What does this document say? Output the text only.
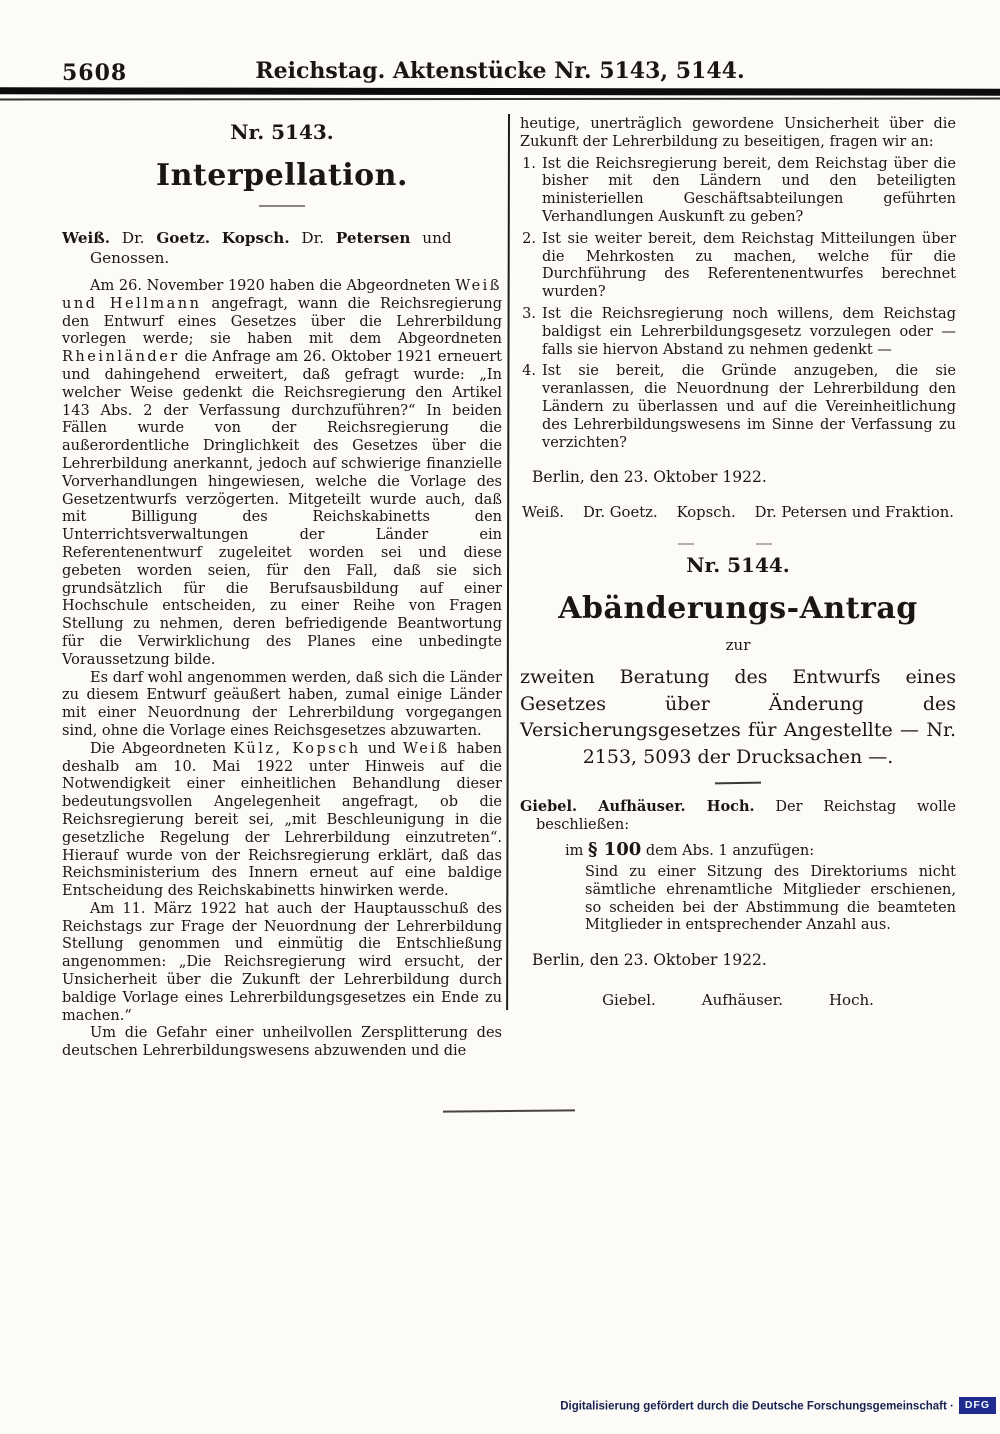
5608	Reichstag. Aktenstücke Nr. 5143, 5144.
Nr. 5143.
Interpellation.

Weiß. Dr. Goetz. Kopsch. Dr. Petersen und Genossen.

Am 26. November 1920 haben die Abgeordneten Weiß und Hellmann angefragt, wann die Reichsregierung den Entwurf eines Gesetzes über die Lehrerbildung vorlegen werde; sie haben mit dem Abgeordneten Rheinländer die Anfrage am 26. Oktober 1921 erneuert und dahingehend erweitert, daß gefragt wurde: „In welcher Weise gedenkt die Reichsregierung den Artikel 143 Abs. 2 der Verfassung durchzuführen?“ In beiden Fällen wurde von der Reichsregierung die außerordentliche Dringlichkeit des Gesetzes über die Lehrerbildung anerkannt, jedoch auf schwierige finanzielle Vorverhandlungen hingewiesen, welche die Vorlage des Gesetzentwurfs verzögerten. Mitgeteilt wurde auch, daß mit Billigung des Reichskabinetts den Unterrichtsverwaltungen der Länder ein Referentenentwurf zugeleitet worden sei und diese gebeten worden seien, für den Fall, daß sie sich grundsätzlich für die Berufsausbildung auf einer Hochschule entscheiden, zu einer Reihe von Fragen Stellung zu nehmen, deren befriedigende Beantwortung für die Verwirklichung des Planes eine unbedingte Voraussetzung bilde.

Es darf wohl angenommen werden, daß sich die Länder zu diesem Entwurf geäußert haben, zumal einige Länder mit einer Neuordnung der Lehrerbildung vorgegangen sind, ohne die Vorlage eines Reichsgesetzes abzuwarten.

Die Abgeordneten Külz, Kopsch und Weiß haben deshalb am 10. Mai 1922 unter Hinweis auf die Notwendigkeit einer einheitlichen Behandlung dieser bedeutungsvollen Angelegenheit angefragt, ob die Reichsregierung bereit sei, „mit Beschleunigung in die gesetzliche Regelung der Lehrerbildung einzutreten“. Hierauf wurde von der Reichsregierung erklärt, daß das Reichsministerium des Innern erneut auf eine baldige Entscheidung des Reichskabinetts hinwirken werde.

Am 11. März 1922 hat auch der Hauptausschuß des Reichstags zur Frage der Neuordnung der Lehrerbildung Stellung genommen und einmütig die Entschließung angenommen: „Die Reichsregierung wird ersucht, der Unsicherheit über die Zukunft der Lehrerbildung durch baldige Vorlage eines Lehrerbildungsgesetzes ein Ende zu machen.“

Um die Gefahr einer unheilvollen Zersplitterung des deutschen Lehrerbildungswesens abzuwenden und die

heutige, unerträglich gewordene Unsicherheit über die Zukunft der Lehrerbildung zu beseitigen, fragen wir an:

1. Ist die Reichsregierung bereit, dem Reichstag über die bisher mit den Ländern und den beteiligten ministeriellen Geschäftsabteilungen geführten Verhandlungen Auskunft zu geben?
2. Ist sie weiter bereit, dem Reichstag Mitteilungen über die Mehrkosten zu machen, welche für die Durchführung des Referentenentwurfes berechnet wurden?
3. Ist die Reichsregierung noch willens, dem Reichstag baldigst ein Lehrerbildungsgesetz vorzulegen oder — falls sie hiervon Abstand zu nehmen gedenkt —
4. Ist sie bereit, die Gründe anzugeben, die sie veranlassen, die Neuordnung der Lehrerbildung den Ländern zu überlassen und auf die Vereinheitlichung des Lehrerbildungswesens im Sinne der Verfassung zu verzichten?
Berlin, den 23. Oktober 1922.
Weiß. Dr. Goetz. Kopsch. Dr. Petersen und Fraktion.
Nr. 5144.
Abänderungs-Antrag
zur
zweiten Beratung des Entwurfs eines Gesetzes über Änderung des Versicherungsgesetzes für Angestellte — Nr. 2153, 5093 der Drucksachen —.

Giebel. Aufhäuser. Hoch. Der Reichstag wolle beschließen:

im § 100 dem Abs. 1 anzufügen:
Sind zu einer Sitzung des Direktoriums nicht sämtliche ehrenamtliche Mitglieder erschienen, so scheiden bei der Abstimmung die beamteten Mitglieder in entsprechender Anzahl aus.
Berlin, den 23. Oktober 1922.
Giebel.	Aufhäuser.	Hoch.
Digitalisierung gefördert durch die Deutsche Forschungsgemeinschaft · DFG
